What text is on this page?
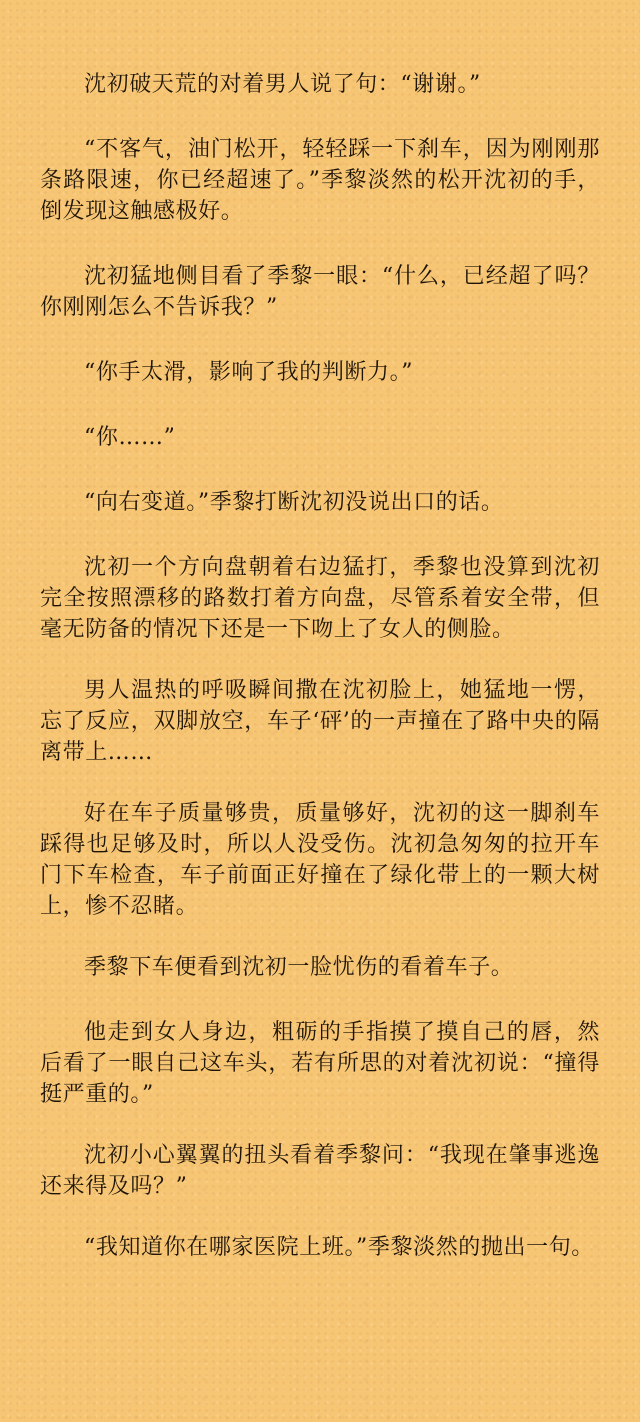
沈初破天荒的对着男人说了句：“谢谢。”

“不客气，油门松开，轻轻踩一下刹车，因为刚刚那条路限速，你已经超速了。”季黎淡然的松开沈初的手，倒发现这触感极好。

沈初猛地侧目看了季黎一眼：“什么，已经超了吗？你刚刚怎么不告诉我？”

“你手太滑，影响了我的判断力。”

“你……”

“向右变道。”季黎打断沈初没说出口的话。

沈初一个方向盘朝着右边猛打，季黎也没算到沈初完全按照漂移的路数打着方向盘，尽管系着安全带，但毫无防备的情况下还是一下吻上了女人的侧脸。

男人温热的呼吸瞬间撒在沈初脸上，她猛地一愣，忘了反应，双脚放空，车子‘砰’的一声撞在了路中央的隔离带上……

好在车子质量够贵，质量够好，沈初的这一脚刹车踩得也足够及时，所以人没受伤。沈初急匆匆的拉开车门下车检查，车子前面正好撞在了绿化带上的一颗大树上，惨不忍睹。

季黎下车便看到沈初一脸忧伤的看着车子。

他走到女人身边，粗砺的手指摸了摸自己的唇，然后看了一眼自己这车头，若有所思的对着沈初说：“撞得挺严重的。”

沈初小心翼翼的扭头看着季黎问：“我现在肇事逃逸还来得及吗？”

“我知道你在哪家医院上班。”季黎淡然的抛出一句。
